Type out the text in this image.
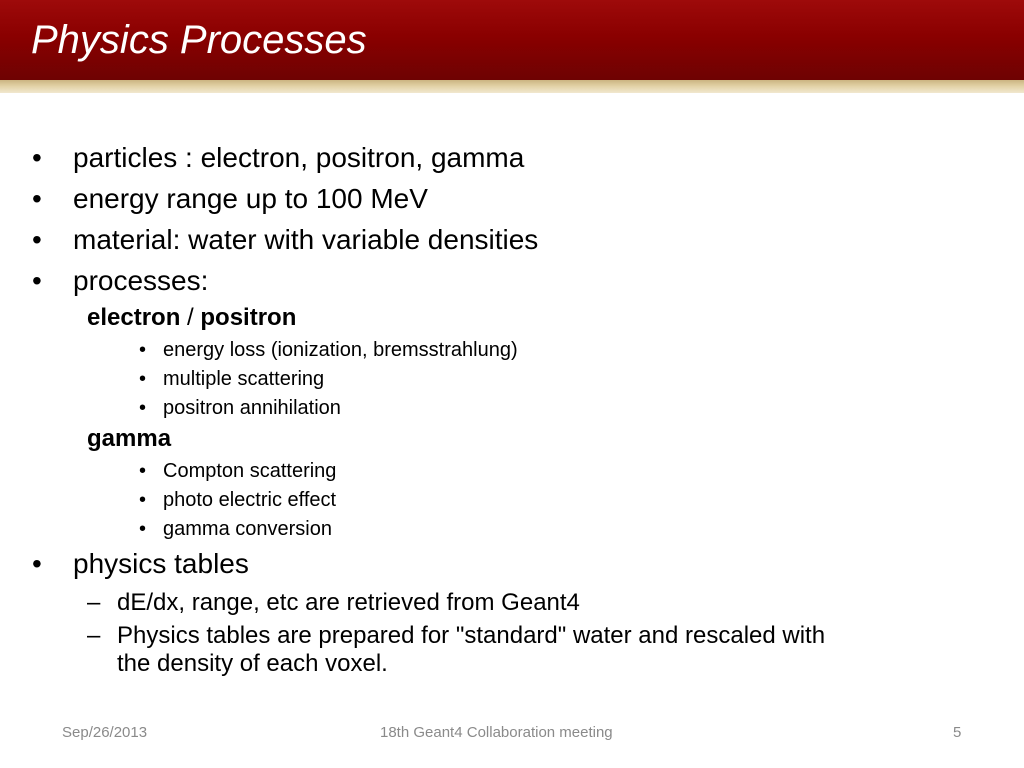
Physics Processes
• particles : electron, positron, gamma
• energy range up to 100 MeV
• material: water with variable densities
• processes:
electron / positron
• energy loss (ionization, bremsstrahlung)
• multiple scattering
• positron annihilation
gamma
• Compton scattering
• photo electric effect
• gamma conversion
• physics tables
– dE/dx, range, etc are retrieved from Geant4
– Physics tables are prepared for "standard" water and rescaled with
the density of each voxel.
Sep/26/2013	18th Geant4 Collaboration meeting	5
